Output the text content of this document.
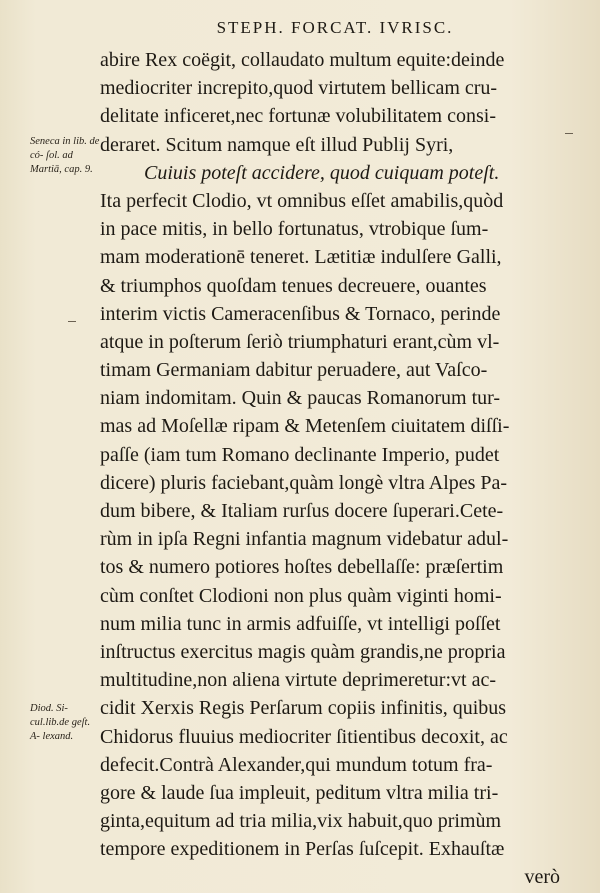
STEPH. FORCAT. IVRISC.
abire Rex coëgit, collaudato multum equite:deinde
mediocriter increpito,quod virtutem bellicam cru-
delitate inficeret,nec fortunæ volubilitatem consi-
deraret. Scitum namque eſt illud Publij Syri,
Cuiuis poteſt accidere, quod cuiquam poteſt.
Ita perfecit Clodio, vt omnibus eſſet amabilis,quòd
in pace mitis, in bello fortunatus, vtrobique ſum-
mam moderationē teneret. Lætitiæ indulſere Galli,
& triumphos quoſdam tenues decreuere, ouantes
interim victis Cameracenſibus & Tornaco, perinde
atque in poſterum ſeriò triumphaturi erant,cùm vl-
timam Germaniam dabitur peruadere, aut Vaſco-
niam indomitam. Quin & paucas Romanorum tur-
mas ad Moſellæ ripam & Metenſem ciuitatem diſſi-
paſſe (iam tum Romano declinante Imperio, pudet
dicere) pluris faciebant,quàm longè vltra Alpes Pa-
dum bibere, & Italiam rurſus docere ſuperari.Cete-
rùm in ipſa Regni infantia magnum videbatur adul-
tos & numero potiores hoſtes debellaſſe: præſertim
cùm conſtet Clodioni non plus quàm viginti homi-
num milia tunc in armis adfuiſſe, vt intelligi poſſet
inſtructus exercitus magis quàm grandis,ne propria
multitudine,non aliena virtute deprimeretur:vt ac-
cidit Xerxis Regis Perſarum copiis infinitis, quibus
Chidorus fluuius mediocriter ſitientibus decoxit, ac
defecit.Contrà Alexander,qui mundum totum fra-
gore & laude ſua impleuit, peditum vltra milia tri-
ginta,equitum ad tria milia,vix habuit,quo primùm
tempore expeditionem in Perſas ſuſcepit. Exhauſtæ
verò
Seneca in lib. de có- ſol. ad Martiā, cap. 9.
Diod. Si- cul.lib.de geſt. A- lexand.
